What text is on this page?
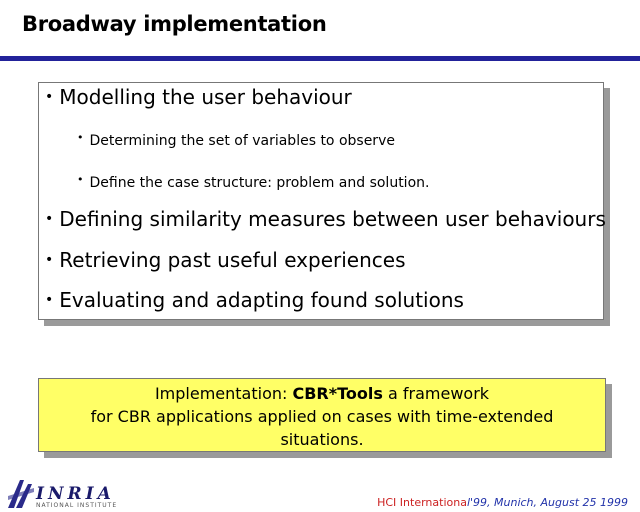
Broadway implementation
• Modelling the user behaviour
• Determining the set of variables to observe
• Define the case structure: problem and solution.
• Defining similarity measures between user behaviours
• Retrieving past useful experiences
• Evaluating and adapting found solutions
Implementation: CBR*Tools a framework
for CBR applications applied on cases with time-extended
situations.
INRIA
NATIONAL INSTITUTE	HCI International'99, Munich, August 25 1999
